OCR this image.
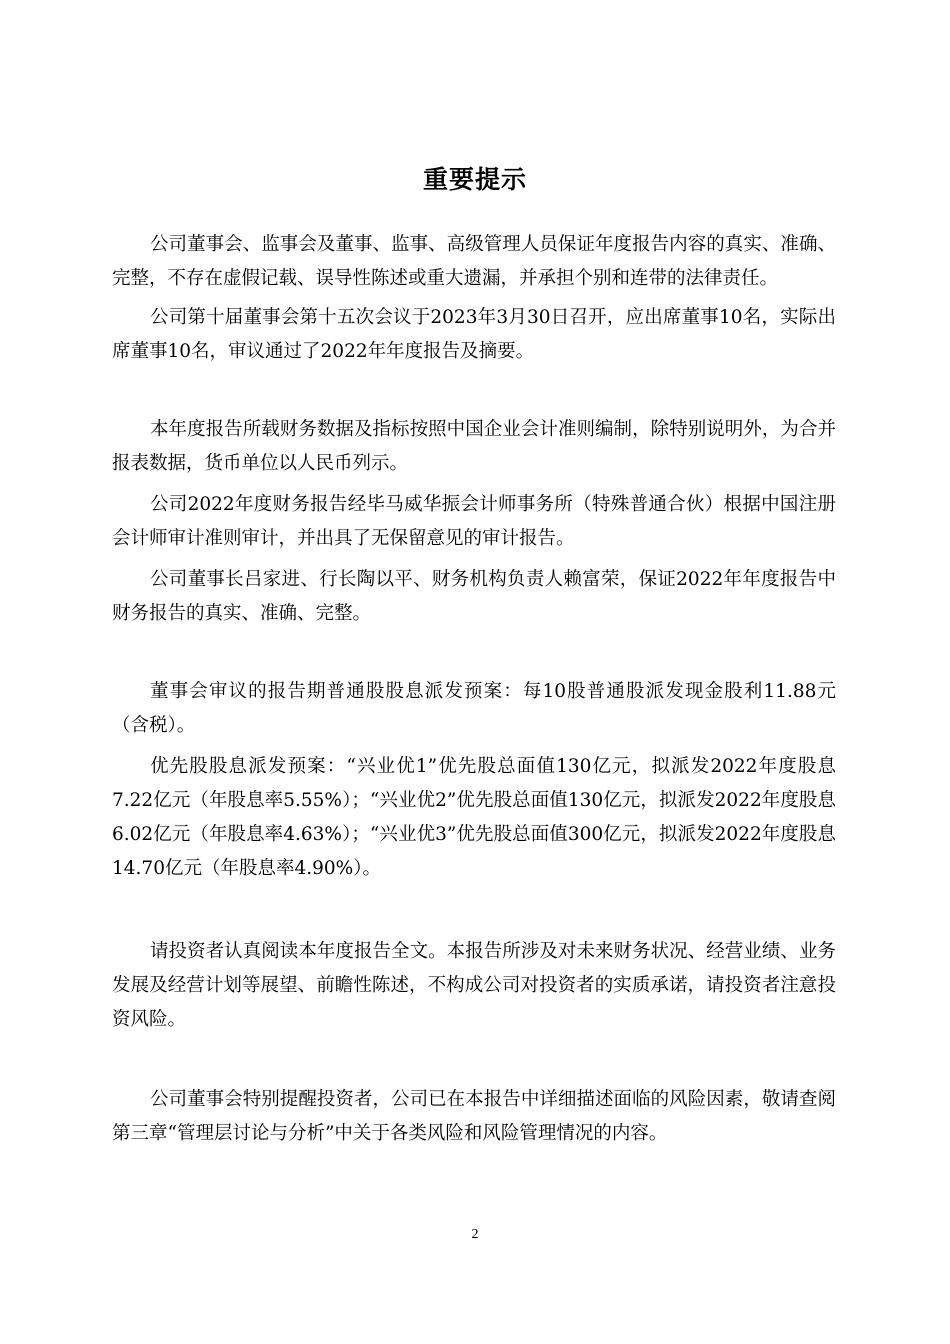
重要提示

公司董事会、监事会及董事、监事、高级管理人员保证年度报告内容的真实、准确、完整，不存在虚假记载、误导性陈述或重大遗漏，并承担个别和连带的法律责任。

公司第十届董事会第十五次会议于2023年3月30日召开，应出席董事10名，实际出席董事10名，审议通过了2022年年度报告及摘要。

本年度报告所载财务数据及指标按照中国企业会计准则编制，除特别说明外，为合并报表数据，货币单位以人民币列示。

公司2022年度财务报告经毕马威华振会计师事务所（特殊普通合伙）根据中国注册会计师审计准则审计，并出具了无保留意见的审计报告。

公司董事长吕家进、行长陶以平、财务机构负责人赖富荣，保证2022年年度报告中财务报告的真实、准确、完整。

董事会审议的报告期普通股股息派发预案：每10股普通股派发现金股利11.88元（含税）。

优先股股息派发预案：“兴业优1”优先股总面值130亿元，拟派发2022年度股息7.22亿元（年股息率5.55%）；“兴业优2”优先股总面值130亿元，拟派发2022年度股息6.02亿元（年股息率4.63%）；“兴业优3”优先股总面值300亿元，拟派发2022年度股息14.70亿元（年股息率4.90%）。

请投资者认真阅读本年度报告全文。本报告所涉及对未来财务状况、经营业绩、业务发展及经营计划等展望、前瞻性陈述，不构成公司对投资者的实质承诺，请投资者注意投资风险。

公司董事会特别提醒投资者，公司已在本报告中详细描述面临的风险因素，敬请查阅第三章“管理层讨论与分析”中关于各类风险和风险管理情况的内容。

2
